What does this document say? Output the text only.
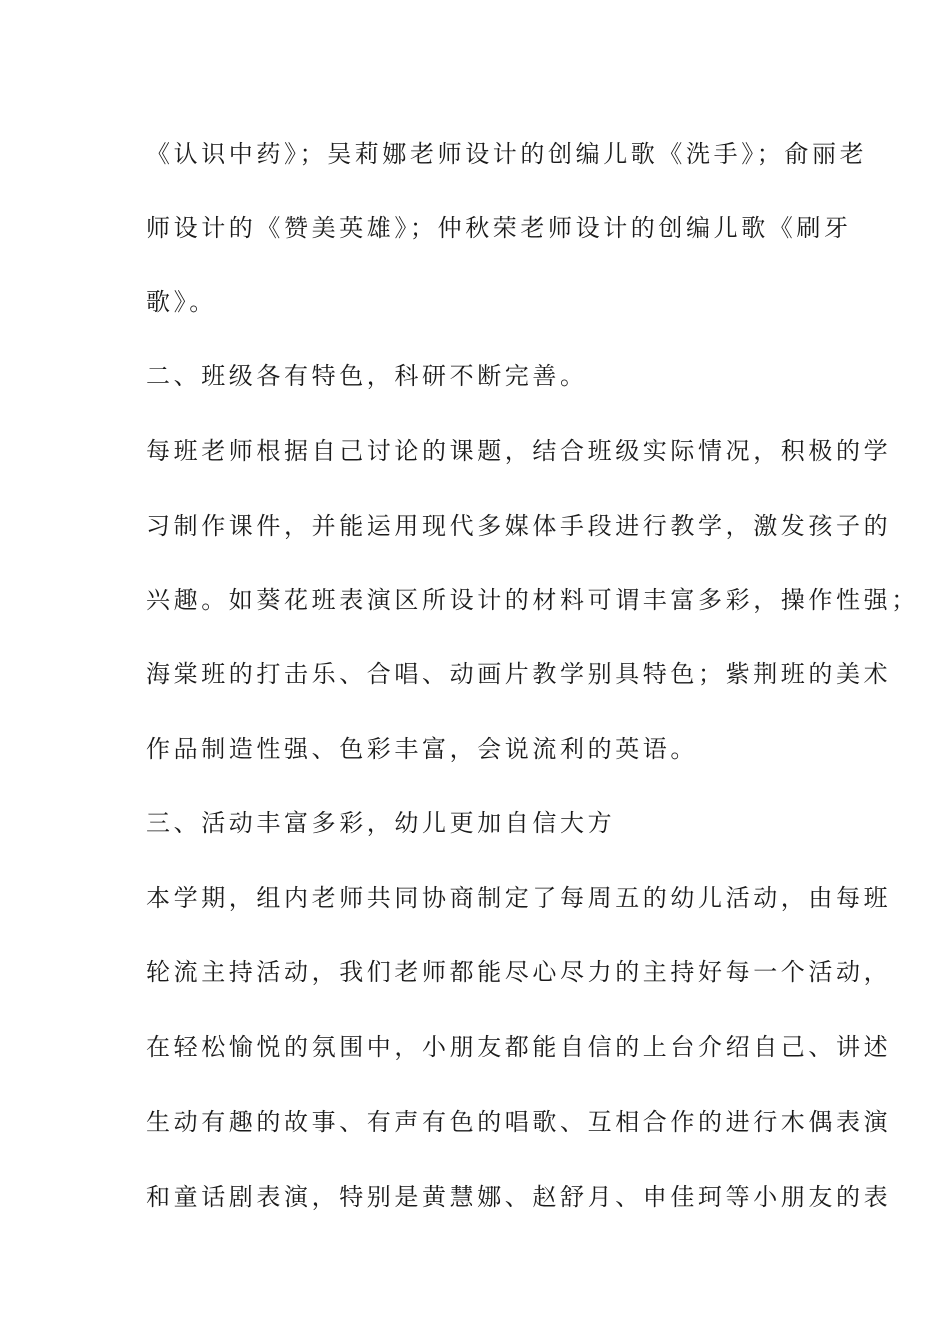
《认识中药》；吴莉娜老师设计的创编儿歌《洗手》；俞丽老
师设计的《赞美英雄》；仲秋荣老师设计的创编儿歌《刷牙
歌》。
二、班级各有特色，科研不断完善。
每班老师根据自己讨论的课题，结合班级实际情况，积极的学
习制作课件，并能运用现代多媒体手段进行教学，激发孩子的
兴趣。如葵花班表演区所设计的材料可谓丰富多彩，操作性强；
海棠班的打击乐、合唱、动画片教学别具特色；紫荆班的美术
作品制造性强、色彩丰富，会说流利的英语。
三、活动丰富多彩，幼儿更加自信大方
本学期，组内老师共同协商制定了每周五的幼儿活动，由每班
轮流主持活动，我们老师都能尽心尽力的主持好每一个活动，
在轻松愉悦的氛围中，小朋友都能自信的上台介绍自己、讲述
生动有趣的故事、有声有色的唱歌、互相合作的进行木偶表演
和童话剧表演，特别是黄慧娜、赵舒月、申佳珂等小朋友的表
